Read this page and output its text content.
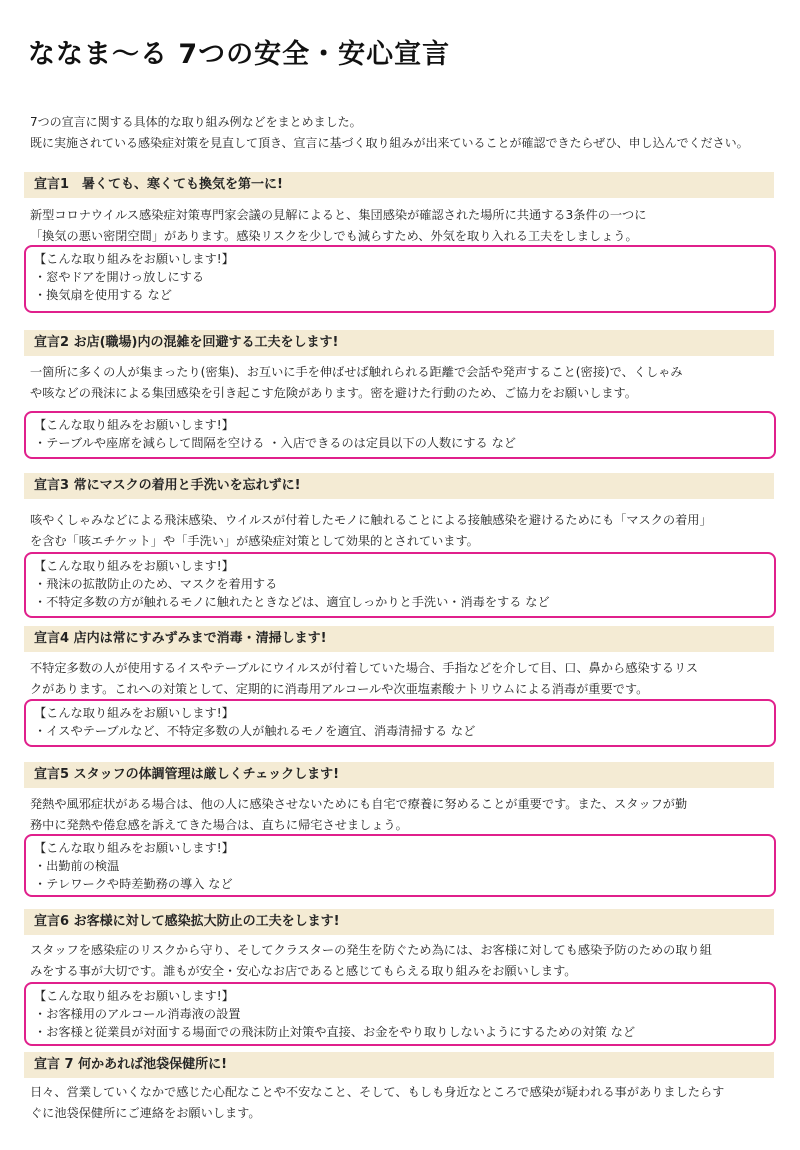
ななま〜る 7つの安全・安心宣言
7つの宣言に関する具体的な取り組み例などをまとめました。
既に実施されている感染症対策を見直して頂き、宣言に基づく取り組みが出来ていることが確認できたらぜひ、申し込んでください。
宣言1　暑くても、寒くても換気を第一に!
新型コロナウイルス感染症対策専門家会議の見解によると、集団感染が確認された場所に共通する3条件の一つに
「換気の悪い密閉空間」があります。感染リスクを少しでも減らすため、外気を取り入れる工夫をしましょう。
【こんな取り組みをお願いします!】
・窓やドアを開けっ放しにする
・換気扇を使用する など
宣言2 お店(職場)内の混雑を回避する工夫をします!
一箇所に多くの人が集まったり(密集)、お互いに手を伸ばせば触れられる距離で会話や発声すること(密接)で、くしゃみ
や咳などの飛沫による集団感染を引き起こす危険があります。密を避けた行動のため、ご協力をお願いします。
【こんな取り組みをお願いします!】
・テーブルや座席を減らして間隔を空ける ・入店できるのは定員以下の人数にする など
宣言3 常にマスクの着用と手洗いを忘れずに!
咳やくしゃみなどによる飛沫感染、ウイルスが付着したモノに触れることによる接触感染を避けるためにも「マスクの着用」
を含む「咳エチケット」や「手洗い」が感染症対策として効果的とされています。
【こんな取り組みをお願いします!】
・飛沫の拡散防止のため、マスクを着用する
・不特定多数の方が触れるモノに触れたときなどは、適宜しっかりと手洗い・消毒をする など
宣言4 店内は常にすみずみまで消毒・清掃します!
不特定多数の人が使用するイスやテーブルにウイルスが付着していた場合、手指などを介して目、口、鼻から感染するリス
クがあります。これへの対策として、定期的に消毒用アルコールや次亜塩素酸ナトリウムによる消毒が重要です。
【こんな取り組みをお願いします!】
・イスやテーブルなど、不特定多数の人が触れるモノを適宜、消毒清掃する など
宣言5 スタッフの体調管理は厳しくチェックします!
発熱や風邪症状がある場合は、他の人に感染させないためにも自宅で療養に努めることが重要です。また、スタッフが勤
務中に発熱や倦怠感を訴えてきた場合は、直ちに帰宅させましょう。
【こんな取り組みをお願いします!】
・出勤前の検温
・テレワークや時差勤務の導入 など
宣言6 お客様に対して感染拡大防止の工夫をします!
スタッフを感染症のリスクから守り、そしてクラスターの発生を防ぐため為には、お客様に対しても感染予防のための取り組
みをする事が大切です。誰もが安全・安心なお店であると感じてもらえる取り組みをお願いします。
【こんな取り組みをお願いします!】
・お客様用のアルコール消毒液の設置
・お客様と従業員が対面する場面での飛沫防止対策や直接、お金をやり取りしないようにするための対策 など
宣言 7 何かあれば池袋保健所に!
日々、営業していくなかで感じた心配なことや不安なこと、そして、もしも身近なところで感染が疑われる事がありましたらす
ぐに池袋保健所にご連絡をお願いします。
